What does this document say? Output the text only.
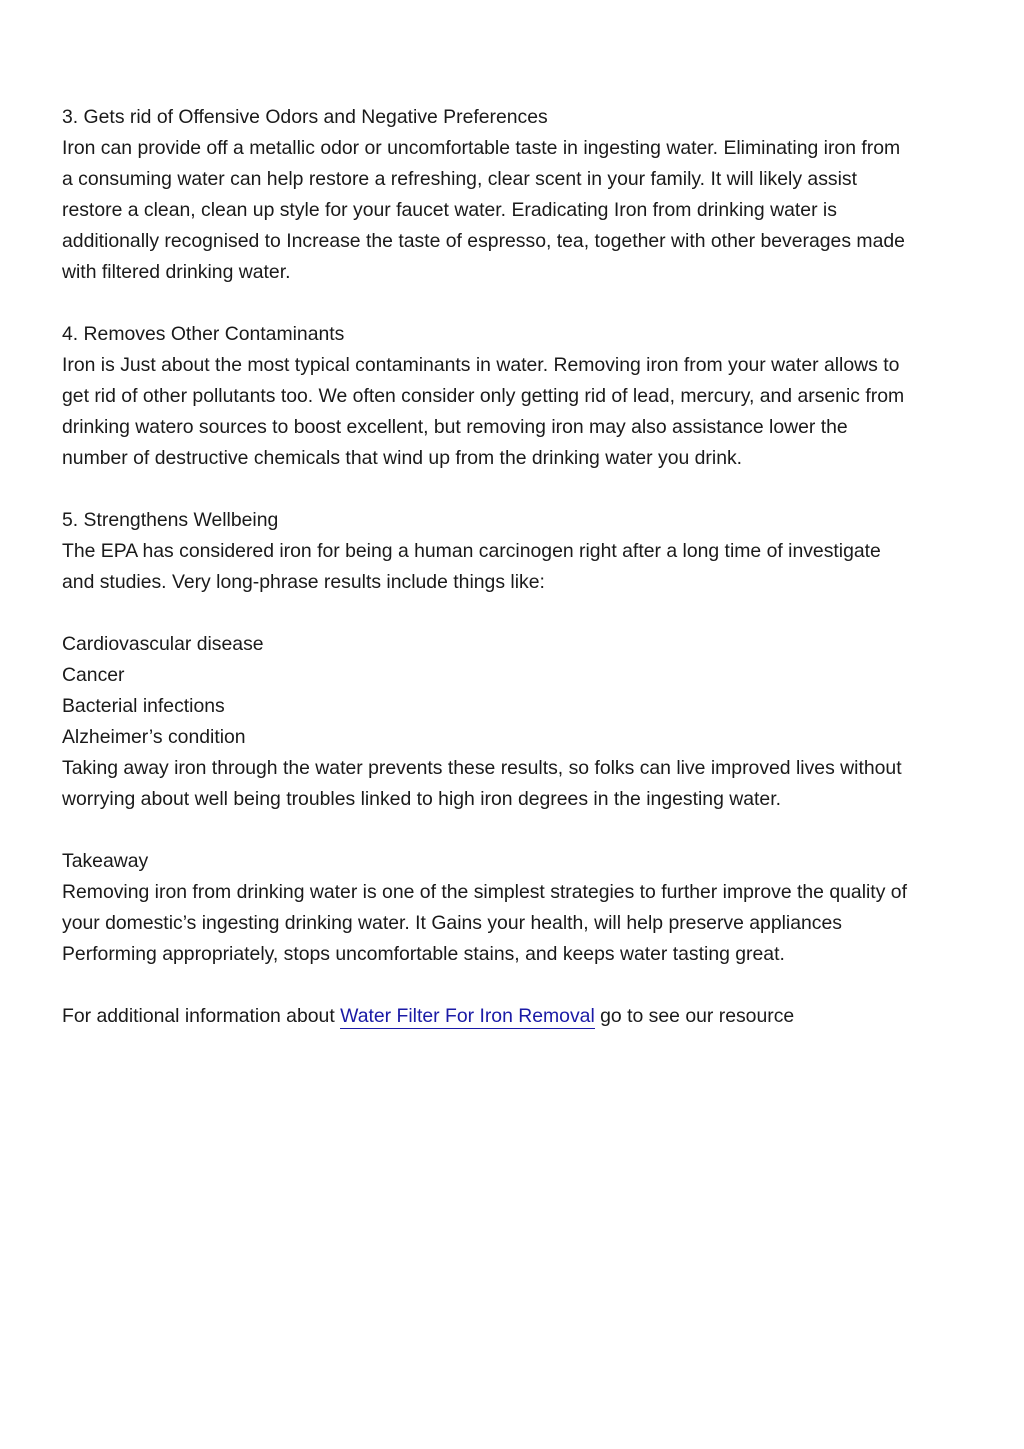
3. Gets rid of Offensive Odors and Negative Preferences
Iron can provide off a metallic odor or uncomfortable taste in ingesting water. Eliminating iron from
a consuming water can help restore a refreshing, clear scent in your family. It will likely assist
restore a clean, clean up style for your faucet water. Eradicating Iron from drinking water is
additionally recognised to Increase the taste of espresso, tea, together with other beverages made
with filtered drinking water.
4. Removes Other Contaminants
Iron is Just about the most typical contaminants in water. Removing iron from your water allows to
get rid of other pollutants too. We often consider only getting rid of lead, mercury, and arsenic from
drinking watero sources to boost excellent, but removing iron may also assistance lower the
number of destructive chemicals that wind up from the drinking water you drink.
5. Strengthens Wellbeing
The EPA has considered iron for being a human carcinogen right after a long time of investigate
and studies. Very long-phrase results include things like:
Cardiovascular disease
Cancer
Bacterial infections
Alzheimer’s condition
Taking away iron through the water prevents these results, so folks can live improved lives without
worrying about well being troubles linked to high iron degrees in the ingesting water.
Takeaway
Removing iron from drinking water is one of the simplest strategies to further improve the quality of
your domestic’s ingesting drinking water. It Gains your health, will help preserve appliances
Performing appropriately, stops uncomfortable stains, and keeps water tasting great.
For additional information about Water Filter For Iron Removal go to see our resource
